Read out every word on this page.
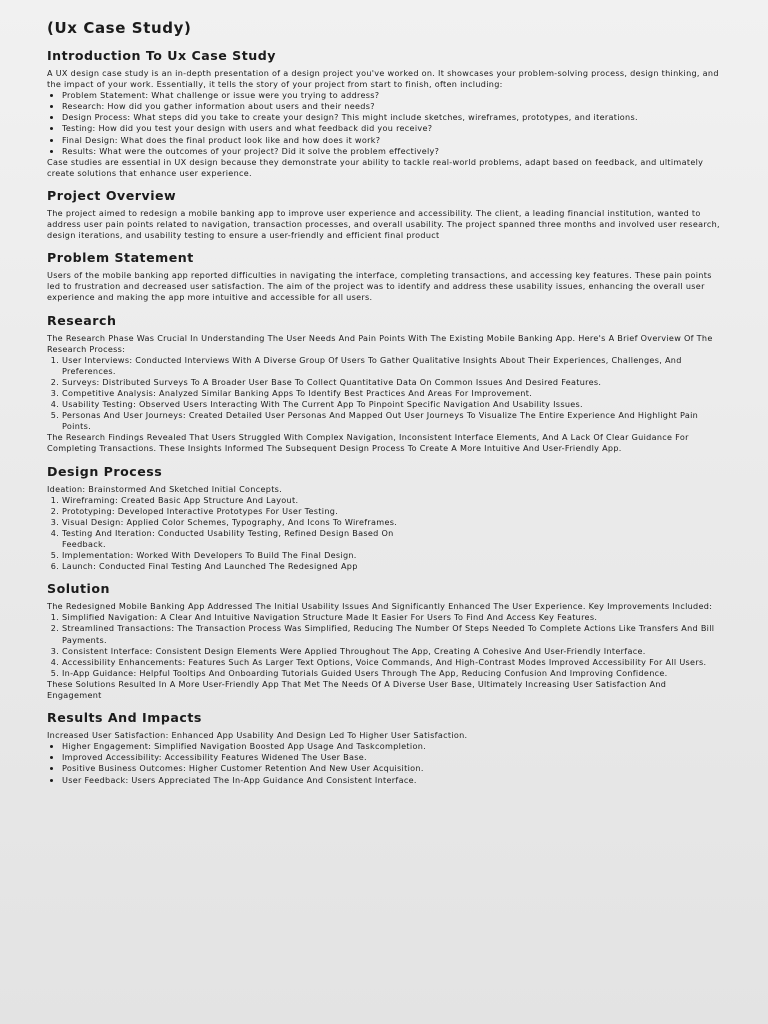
(Ux Case Study)
Introduction To Ux Case Study

A UX design case study is an in-depth presentation of a design project you've worked on. It showcases your problem-solving process, design thinking, and the impact of your work. Essentially, it tells the story of your project from start to finish, often including:

• Problem Statement: What challenge or issue were you trying to address?
• Research: How did you gather information about users and their needs?
• Design Process: What steps did you take to create your design? This might include sketches, wireframes, prototypes, and iterations.
• Testing: How did you test your design with users and what feedback did you receive?
• Final Design: What does the final product look like and how does it work?
• Results: What were the outcomes of your project? Did it solve the problem effectively?

Case studies are essential in UX design because they demonstrate your ability to tackle real-world problems, adapt based on feedback, and ultimately create solutions that enhance user experience.

Project Overview

The project aimed to redesign a mobile banking app to improve user experience and accessibility. The client, a leading financial institution, wanted to address user pain points related to navigation, transaction processes, and overall usability. The project spanned three months and involved user research, design iterations, and usability testing to ensure a user-friendly and efficient final product

Problem Statement

Users of the mobile banking app reported difficulties in navigating the interface, completing transactions, and accessing key features. These pain points led to frustration and decreased user satisfaction. The aim of the project was to identify and address these usability issues, enhancing the overall user experience and making the app more intuitive and accessible for all users.

Research

The Research Phase Was Crucial In Understanding The User Needs And Pain Points With The Existing Mobile Banking App. Here's A Brief Overview Of The Research Process:

1. User Interviews: Conducted Interviews With A Diverse Group Of Users To Gather Qualitative Insights About Their Experiences, Challenges, And Preferences.
2. Surveys: Distributed Surveys To A Broader User Base To Collect Quantitative Data On Common Issues And Desired Features.
3. Competitive Analysis: Analyzed Similar Banking Apps To Identify Best Practices And Areas For Improvement.
4. Usability Testing: Observed Users Interacting With The Current App To Pinpoint Specific Navigation And Usability Issues.
5. Personas And User Journeys: Created Detailed User Personas And Mapped Out User Journeys To Visualize The Entire Experience And Highlight Pain Points.

The Research Findings Revealed That Users Struggled With Complex Navigation, Inconsistent Interface Elements, And A Lack Of Clear Guidance For Completing Transactions. These Insights Informed The Subsequent Design Process To Create A More Intuitive And User-Friendly App.

Design Process

Ideation: Brainstormed And Sketched Initial Concepts.

1. Wireframing: Created Basic App Structure And Layout.
2. Prototyping: Developed Interactive Prototypes For User Testing.
3. Visual Design: Applied Color Schemes, Typography, And Icons To Wireframes.
4. Testing And Iteration: Conducted Usability Testing, Refined Design Based On Feedback.
5. Implementation: Worked With Developers To Build The Final Design.
6. Launch: Conducted Final Testing And Launched The Redesigned App
Solution

The Redesigned Mobile Banking App Addressed The Initial Usability Issues And Significantly Enhanced The User Experience. Key Improvements Included:

1. Simplified Navigation: A Clear And Intuitive Navigation Structure Made It Easier For Users To Find And Access Key Features.
2. Streamlined Transactions: The Transaction Process Was Simplified, Reducing The Number Of Steps Needed To Complete Actions Like Transfers And Bill Payments.
3. Consistent Interface: Consistent Design Elements Were Applied Throughout The App, Creating A Cohesive And User-Friendly Interface.
4. Accessibility Enhancements: Features Such As Larger Text Options, Voice Commands, And High-Contrast Modes Improved Accessibility For All Users.
5. In-App Guidance: Helpful Tooltips And Onboarding Tutorials Guided Users Through The App, Reducing Confusion And Improving Confidence.

These Solutions Resulted In A More User-Friendly App That Met The Needs Of A Diverse User Base, Ultimately Increasing User Satisfaction And Engagement

Results And Impacts

Increased User Satisfaction: Enhanced App Usability And Design Led To Higher User Satisfaction.

• Higher Engagement: Simplified Navigation Boosted App Usage And Taskcompletion.
• Improved Accessibility: Accessibility Features Widened The User Base.
• Positive Business Outcomes: Higher Customer Retention And New User Acquisition.
• User Feedback: Users Appreciated The In-App Guidance And Consistent Interface.
